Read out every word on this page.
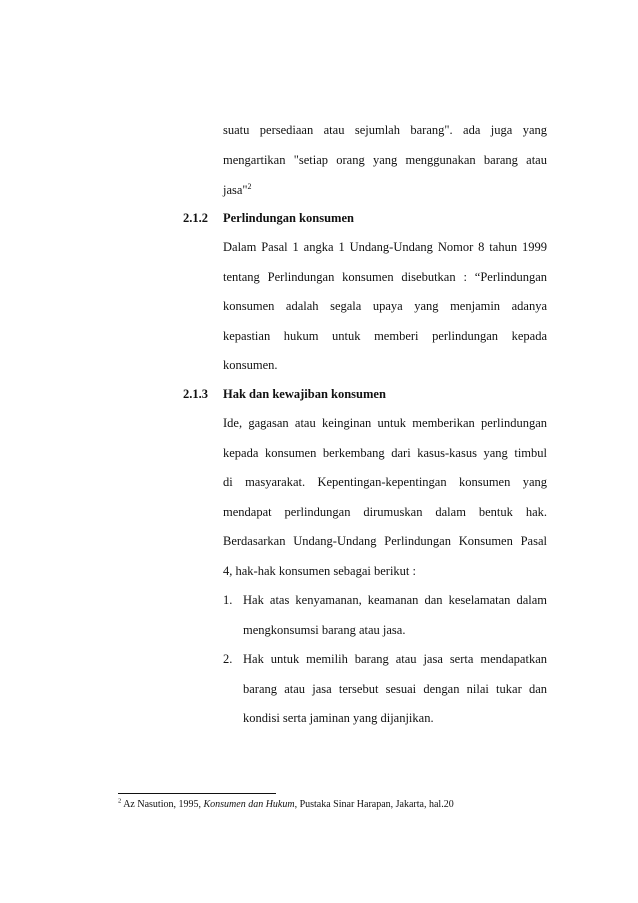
suatu persediaan atau sejumlah barang". ada juga yang
mengartikan "setiap orang yang menggunakan barang atau
jasa"$^2$
2.1.2 Perlindungan konsumen
Dalam Pasal 1 angka 1 Undang-Undang Nomor 8 tahun 1999
tentang Perlindungan konsumen disebutkan : “Perlindungan
konsumen adalah segala upaya yang menjamin adanya
kepastian hukum untuk memberi perlindungan kepada
konsumen.
2.1.3 Hak dan kewajiban konsumen
Ide, gagasan atau keinginan untuk memberikan perlindungan
kepada konsumen berkembang dari kasus-kasus yang timbul
di masyarakat. Kepentingan-kepentingan konsumen yang
mendapat perlindungan dirumuskan dalam bentuk hak.
Berdasarkan Undang-Undang Perlindungan Konsumen Pasal
4, hak-hak konsumen sebagai berikut :
1. Hak atas kenyamanan, keamanan dan keselamatan dalam
mengkonsumsi barang atau jasa.
2. Hak untuk memilih barang atau jasa serta mendapatkan
barang atau jasa tersebut sesuai dengan nilai tukar dan
kondisi serta jaminan yang dijanjikan.
$^2$ Az Nasution, 1995, Konsumen dan Hukum, Pustaka Sinar Harapan, Jakarta, hal.20
